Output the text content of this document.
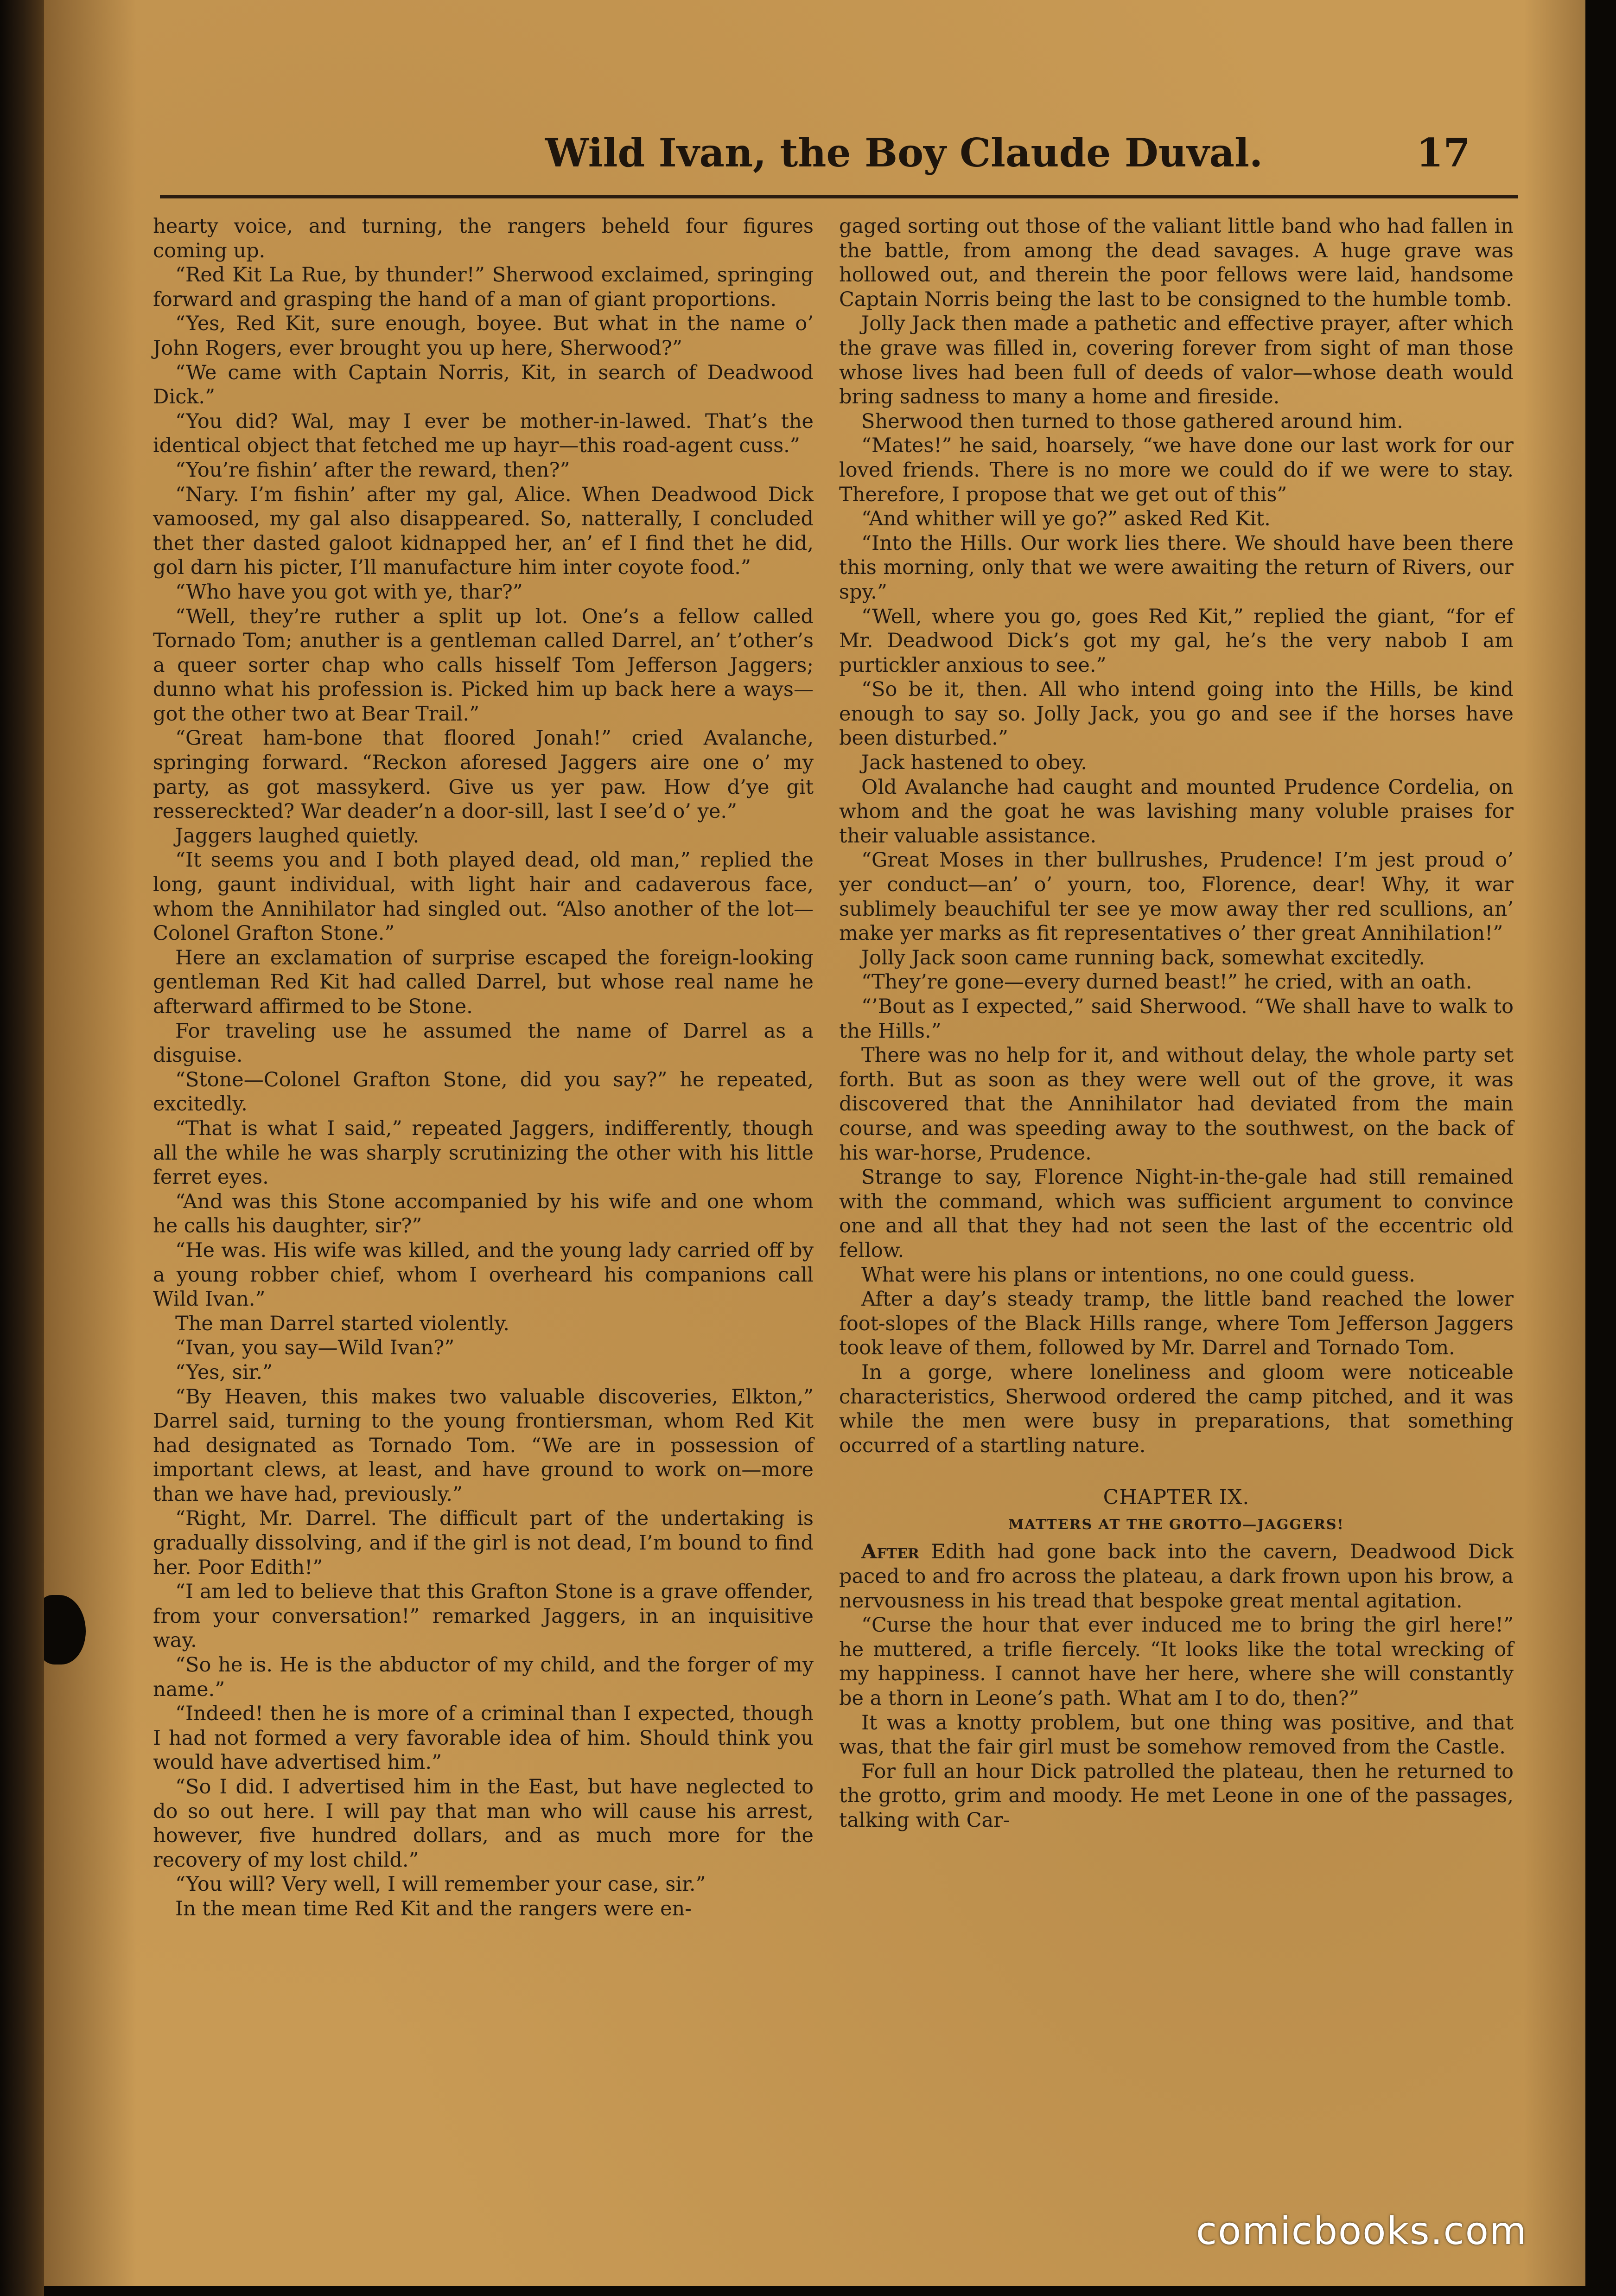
Wild Ivan, the Boy Claude Duval.	17

hearty voice, and turning, the rangers beheld four figures coming up.

“Red Kit La Rue, by thunder!” Sherwood exclaimed, springing forward and grasping the hand of a man of giant proportions.

“Yes, Red Kit, sure enough, boyee. But what in the name o’ John Rogers, ever brought you up here, Sherwood?”

“We came with Captain Norris, Kit, in search of Deadwood Dick.”

“You did? Wal, may I ever be mother-in-lawed. That’s the identical object that fetched me up hayr—this road-agent cuss.”

“You’re fishin’ after the reward, then?”

“Nary. I’m fishin’ after my gal, Alice. When Deadwood Dick vamoosed, my gal also disappeared. So, natterally, I concluded thet ther dasted galoot kidnapped her, an’ ef I find thet he did, gol darn his picter, I’ll manufacture him inter coyote food.”

“Who have you got with ye, thar?”

“Well, they’re ruther a split up lot. One’s a fellow called Tornado Tom; anuther is a gentleman called Darrel, an’ t’other’s a queer sorter chap who calls hisself Tom Jefferson Jaggers; dunno what his profession is. Picked him up back here a ways—got the other two at Bear Trail.”

“Great ham-bone that floored Jonah!” cried Avalanche, springing forward. “Reckon aforesed Jaggers aire one o’ my party, as got massykerd. Give us yer paw. How d’ye git ressereckted? War deader’n a door-sill, last I see’d o’ ye.”

Jaggers laughed quietly.

“It seems you and I both played dead, old man,” replied the long, gaunt individual, with light hair and cadaverous face, whom the Annihilator had singled out. “Also another of the lot—Colonel Grafton Stone.”

Here an exclamation of surprise escaped the foreign-looking gentleman Red Kit had called Darrel, but whose real name he afterward affirmed to be Stone.

For traveling use he assumed the name of Darrel as a disguise.

“Stone—Colonel Grafton Stone, did you say?” he repeated, excitedly.

“That is what I said,” repeated Jaggers, indifferently, though all the while he was sharply scrutinizing the other with his little ferret eyes.

“And was this Stone accompanied by his wife and one whom he calls his daughter, sir?”

“He was. His wife was killed, and the young lady carried off by a young robber chief, whom I overheard his companions call Wild Ivan.”

The man Darrel started violently.

“Ivan, you say—Wild Ivan?”

“Yes, sir.”

“By Heaven, this makes two valuable discoveries, Elkton,” Darrel said, turning to the young frontiersman, whom Red Kit had designated as Tornado Tom. “We are in possession of important clews, at least, and have ground to work on—more than we have had, previously.”

“Right, Mr. Darrel. The difficult part of the undertaking is gradually dissolving, and if the girl is not dead, I’m bound to find her. Poor Edith!”

“I am led to believe that this Grafton Stone is a grave offender, from your conversation!” remarked Jaggers, in an inquisitive way.

“So he is. He is the abductor of my child, and the forger of my name.”

“Indeed! then he is more of a criminal than I expected, though I had not formed a very favorable idea of him. Should think you would have advertised him.”

“So I did. I advertised him in the East, but have neglected to do so out here. I will pay that man who will cause his arrest, however, five hundred dollars, and as much more for the recovery of my lost child.”

“You will? Very well, I will remember your case, sir.”

In the mean time Red Kit and the rangers were en-

gaged sorting out those of the valiant little band who had fallen in the battle, from among the dead savages. A huge grave was hollowed out, and therein the poor fellows were laid, handsome Captain Norris being the last to be consigned to the humble tomb.

Jolly Jack then made a pathetic and effective prayer, after which the grave was filled in, covering forever from sight of man those whose lives had been full of deeds of valor—whose death would bring sadness to many a home and fireside.

Sherwood then turned to those gathered around him.

“Mates!” he said, hoarsely, “we have done our last work for our loved friends. There is no more we could do if we were to stay. Therefore, I propose that we get out of this”

“And whither will ye go?” asked Red Kit.

“Into the Hills. Our work lies there. We should have been there this morning, only that we were awaiting the return of Rivers, our spy.”

“Well, where you go, goes Red Kit,” replied the giant, “for ef Mr. Deadwood Dick’s got my gal, he’s the very nabob I am purtickler anxious to see.”

“So be it, then. All who intend going into the Hills, be kind enough to say so. Jolly Jack, you go and see if the horses have been disturbed.”

Jack hastened to obey.

Old Avalanche had caught and mounted Prudence Cordelia, on whom and the goat he was lavishing many voluble praises for their valuable assistance.

“Great Moses in ther bullrushes, Prudence! I’m jest proud o’ yer conduct—an’ o’ yourn, too, Florence, dear! Why, it war sublimely beauchiful ter see ye mow away ther red scullions, an’ make yer marks as fit representatives o’ ther great Annihilation!”

Jolly Jack soon came running back, somewhat excitedly.

“They’re gone—every durned beast!” he cried, with an oath.

“’Bout as I expected,” said Sherwood. “We shall have to walk to the Hills.”

There was no help for it, and without delay, the whole party set forth. But as soon as they were well out of the grove, it was discovered that the Annihilator had deviated from the main course, and was speeding away to the southwest, on the back of his war-horse, Prudence.

Strange to say, Florence Night-in-the-gale had still remained with the command, which was sufficient argument to convince one and all that they had not seen the last of the eccentric old fellow.

What were his plans or intentions, no one could guess.

After a day’s steady tramp, the little band reached the lower foot-slopes of the Black Hills range, where Tom Jefferson Jaggers took leave of them, followed by Mr. Darrel and Tornado Tom.

In a gorge, where loneliness and gloom were noticeable characteristics, Sherwood ordered the camp pitched, and it was while the men were busy in preparations, that something occurred of a startling nature.

CHAPTER IX.
MATTERS AT THE GROTTO—JAGGERS!

After Edith had gone back into the cavern, Deadwood Dick paced to and fro across the plateau, a dark frown upon his brow, a nervousness in his tread that bespoke great mental agitation.

“Curse the hour that ever induced me to bring the girl here!” he muttered, a trifle fiercely. “It looks like the total wrecking of my happiness. I cannot have her here, where she will constantly be a thorn in Leone’s path. What am I to do, then?”

It was a knotty problem, but one thing was positive, and that was, that the fair girl must be somehow removed from the Castle.

For full an hour Dick patrolled the plateau, then he returned to the grotto, grim and moody. He met Leone in one of the passages, talking with Car-

comicbooks.com
